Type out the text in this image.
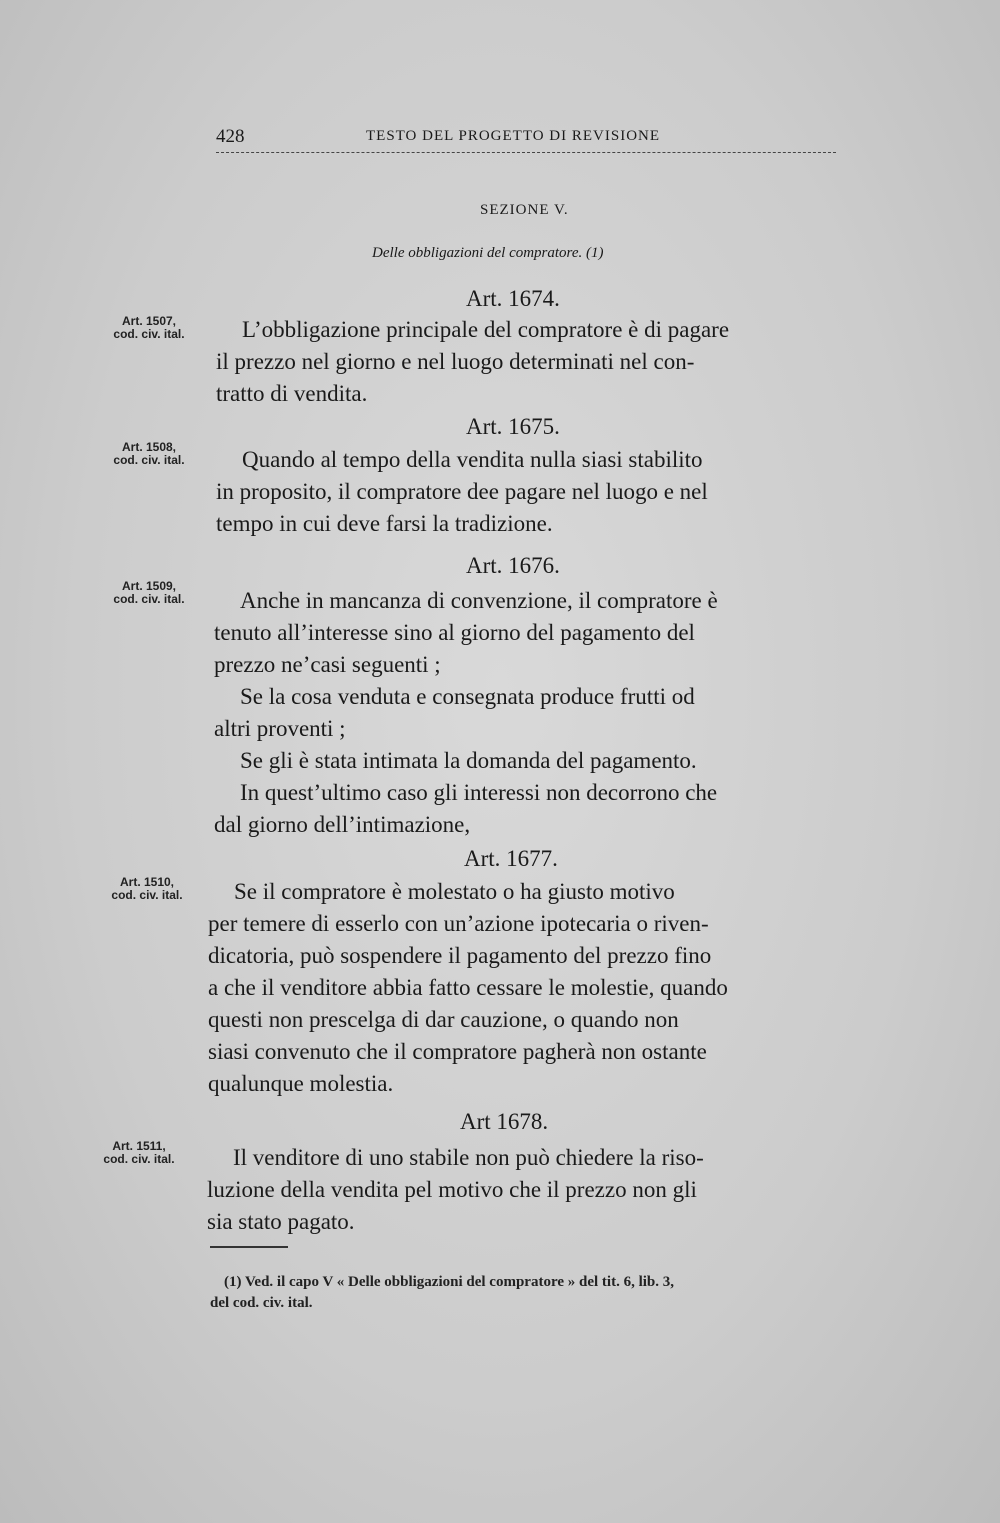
428	TESTO DEL PROGETTO DI REVISIONE
SEZIONE V.
Delle obbligazioni del compratore. (1)
Art. 1674.
Art. 1507,
cod. civ. ital.	L’obbligazione principale del compratore è di pagare
il prezzo nel giorno e nel luogo determinati nel con-
tratto di vendita.
Art. 1675.
Art. 1508,
cod. civ. ital.	Quando al tempo della vendita nulla siasi stabilito
in proposito, il compratore dee pagare nel luogo e nel
tempo in cui deve farsi la tradizione.
Art. 1676.
Art. 1509,
cod. civ. ital.	Anche in mancanza di convenzione, il compratore è
tenuto all’interesse sino al giorno del pagamento del
prezzo ne’casi seguenti ;
Se la cosa venduta e consegnata produce frutti od
altri proventi ;
Se gli è stata intimata la domanda del pagamento.
In quest’ultimo caso gli interessi non decorrono che
dal giorno dell’intimazione,
Art. 1677.
Art. 1510,
cod. civ. ital.	Se il compratore è molestato o ha giusto motivo
per temere di esserlo con un’azione ipotecaria o riven-
dicatoria, può sospendere il pagamento del prezzo fino
a che il venditore abbia fatto cessare le molestie, quando
questi non prescelga di dar cauzione, o quando non
siasi convenuto che il compratore pagherà non ostante
qualunque molestia.
Art 1678.
Art. 1511,
cod. civ. ital.	Il venditore di uno stabile non può chiedere la riso-
luzione della vendita pel motivo che il prezzo non gli
sia stato pagato.
(1) Ved. il capo V « Delle obbligazioni del compratore » del tit. 6, lib. 3,
del cod. civ. ital.
